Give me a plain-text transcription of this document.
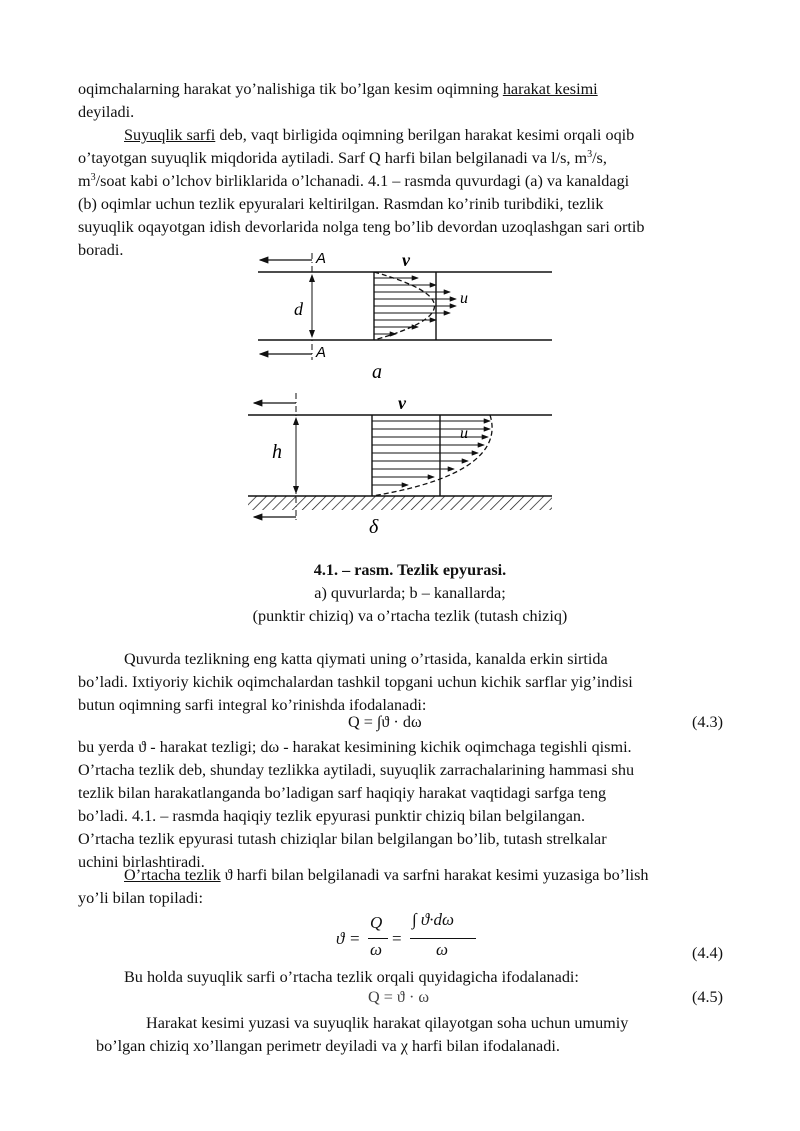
oqimchalarning harakat yo’nalishiga tik bo’lgan kesim oqimning harakat kesimi
deyiladi.
Suyuqlik sarfi deb, vaqt birligida oqimning berilgan harakat kesimi orqali oqib
o’tayotgan suyuqlik miqdorida aytiladi. Sarf Q harfi bilan belgilanadi va l/s, $m^3/s$,
$m^3$/soat kabi o’lchov birliklarida o’lchanadi. 4.1 – rasmda quvurdagi (a) va kanaldagi
(b) oqimlar uchun tezlik epyuralari keltirilgan. Rasmdan ko’rinib turibdiki, tezlik
suyuqlik oqayotgan idish devorlarida nolga teng bo’lib devordan uzoqlashgan sari ortib
boradi.	A
A
v
d
u
a
v
h
u
δ
4.1. – rasm. Tezlik epyurasi.
a) quvurlarda; b – kanallarda;
(punktir chiziq) va o’rtacha tezlik (tutash chiziq)
Quvurda tezlikning eng katta qiymati uning o’rtasida, kanalda erkin sirtida
bo’ladi. Ixtiyoriy kichik oqimchalardan tashkil topgani uchun kichik sarflar yig’indisi
butun oqimning sarfi integral ko’rinishda ifodalanadi:
Q = ∫ϑ · dω	(4.3)
bu yerda ϑ - harakat tezligi; dω - harakat kesimining kichik oqimchaga tegishli qismi.
O’rtacha tezlik deb, shunday tezlikka aytiladi, suyuqlik zarrachalarining hammasi shu
tezlik bilan harakatlanganda bo’ladigan sarf haqiqiy harakat vaqtidagi sarfga teng
bo’ladi. 4.1. – rasmda haqiqiy tezlik epyurasi punktir chiziq bilan belgilangan.
O’rtacha tezlik epyurasi tutash chiziqlar bilan belgilangan bo’lib, tutash strelkalar
uchini birlashtiradi.
O’rtacha tezlik ϑ harfi bilan belgilanadi va sarfni harakat kesimi yuzasiga bo’lish
yo’li bilan topiladi:
ϑ =
Q
ω
=
∫ ϑ·dω
ω	(4.4)
Bu holda suyuqlik sarfi o’rtacha tezlik orqali quyidagicha ifodalanadi:
Q = ϑ · ω	(4.5)
Harakat kesimi yuzasi va suyuqlik harakat qilayotgan soha uchun umumiy
bo’lgan chiziq xo’llangan perimetr deyiladi va χ harfi bilan ifodalanadi.
